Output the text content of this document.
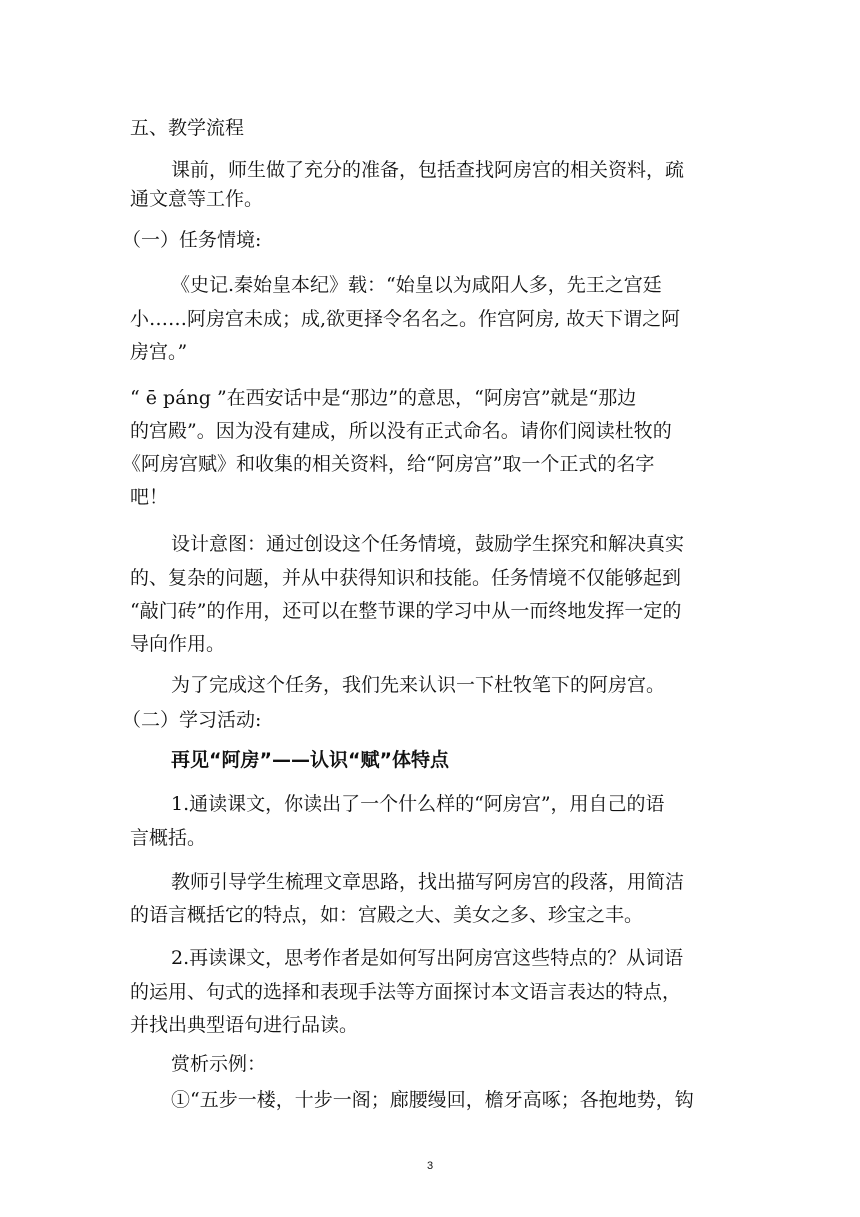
五、教学流程
课前，师生做了充分的准备，包括查找阿房宫的相关资料，疏
通文意等工作。
（一）任务情境:
《史记.秦始皇本纪》载：“始皇以为咸阳人多，先王之宫廷
小……阿房宫未成；成,欲更择令名名之。作宫阿房, 故天下谓之阿
房宫。”
“ ē páng ”在西安话中是“那边”的意思，“阿房宫”就是“那边
的宫殿”。因为没有建成，所以没有正式命名。请你们阅读杜牧的
《阿房宫赋》和收集的相关资料，给“阿房宫”取一个正式的名字
吧！
设计意图：通过创设这个任务情境，鼓励学生探究和解决真实
的、复杂的问题，并从中获得知识和技能。任务情境不仅能够起到
“敲门砖”的作用，还可以在整节课的学习中从一而终地发挥一定的
导向作用。
为了完成这个任务，我们先来认识一下杜牧笔下的阿房宫。
（二）学习活动:
再见“阿房”——认识“赋”体特点
1.通读课文，你读出了一个什么样的“阿房宫”，用自己的语
言概括。
教师引导学生梳理文章思路，找出描写阿房宫的段落，用简洁
的语言概括它的特点，如：宫殿之大、美女之多、珍宝之丰。
2.再读课文，思考作者是如何写出阿房宫这些特点的？从词语
的运用、句式的选择和表现手法等方面探讨本文语言表达的特点，
并找出典型语句进行品读。
赏析示例：
①“五步一楼，十步一阁；廊腰缦回，檐牙高啄；各抱地势，钩
3
